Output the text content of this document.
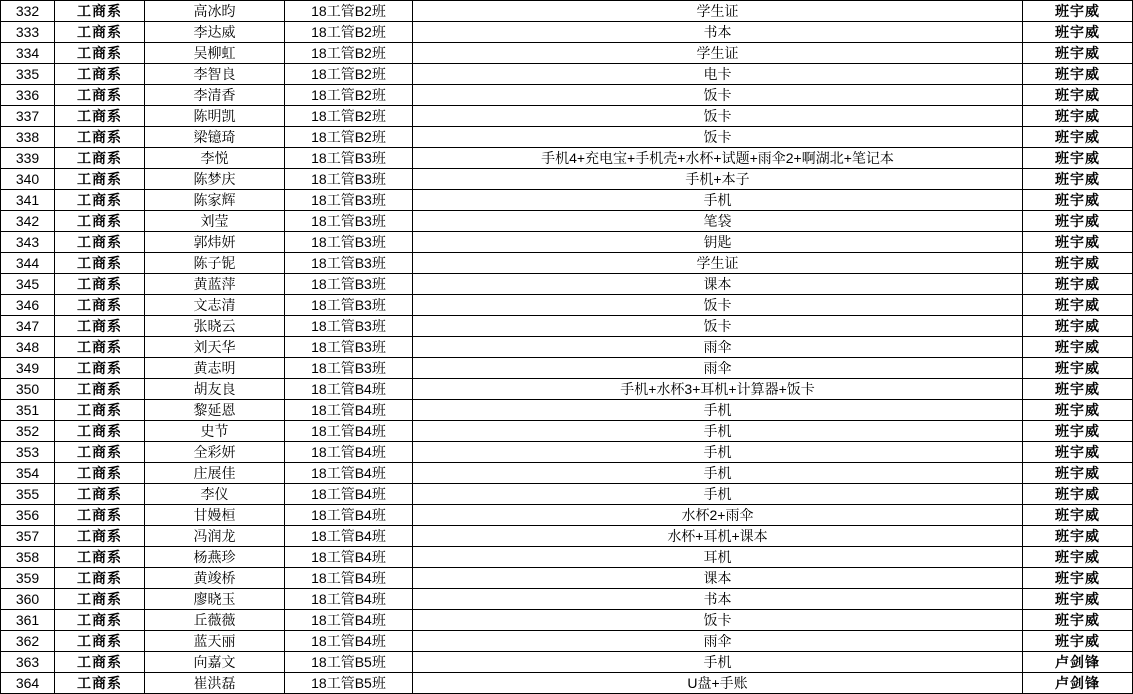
332	工商系	高冰昀	18工管B2班	学生证	班宇威
333	工商系	李达威	18工管B2班	书本	班宇威
334	工商系	吴柳虹	18工管B2班	学生证	班宇威
335	工商系	李智良	18工管B2班	电卡	班宇威
336	工商系	李清香	18工管B2班	饭卡	班宇威
337	工商系	陈明凯	18工管B2班	饭卡	班宇威
338	工商系	梁镱琦	18工管B2班	饭卡	班宇威
339	工商系	李悦	18工管B3班	手机4+充电宝+手机壳+水杯+试题+雨伞2+啊湖北+笔记本	班宇威
340	工商系	陈梦庆	18工管B3班	手机+本子	班宇威
341	工商系	陈家辉	18工管B3班	手机	班宇威
342	工商系	刘莹	18工管B3班	笔袋	班宇威
343	工商系	郭炜妍	18工管B3班	钥匙	班宇威
344	工商系	陈子铌	18工管B3班	学生证	班宇威
345	工商系	黄蓝萍	18工管B3班	课本	班宇威
346	工商系	文志清	18工管B3班	饭卡	班宇威
347	工商系	张晓云	18工管B3班	饭卡	班宇威
348	工商系	刘天华	18工管B3班	雨伞	班宇威
349	工商系	黄志明	18工管B3班	雨伞	班宇威
350	工商系	胡友良	18工管B4班	手机+水杯3+耳机+计算器+饭卡	班宇威
351	工商系	黎延恩	18工管B4班	手机	班宇威
352	工商系	史节	18工管B4班	手机	班宇威
353	工商系	全彩妍	18工管B4班	手机	班宇威
354	工商系	庄展佳	18工管B4班	手机	班宇威
355	工商系	李仪	18工管B4班	手机	班宇威
356	工商系	甘嫚桓	18工管B4班	水杯2+雨伞	班宇威
357	工商系	冯润龙	18工管B4班	水杯+耳机+课本	班宇威
358	工商系	杨燕珍	18工管B4班	耳机	班宇威
359	工商系	黄竣桥	18工管B4班	课本	班宇威
360	工商系	廖晓玉	18工管B4班	书本	班宇威
361	工商系	丘薇薇	18工管B4班	饭卡	班宇威
362	工商系	蓝天丽	18工管B4班	雨伞	班宇威
363	工商系	向嘉文	18工管B5班	手机	卢剑锋
364	工商系	崔洪磊	18工管B5班	U盘+手账	卢剑锋
